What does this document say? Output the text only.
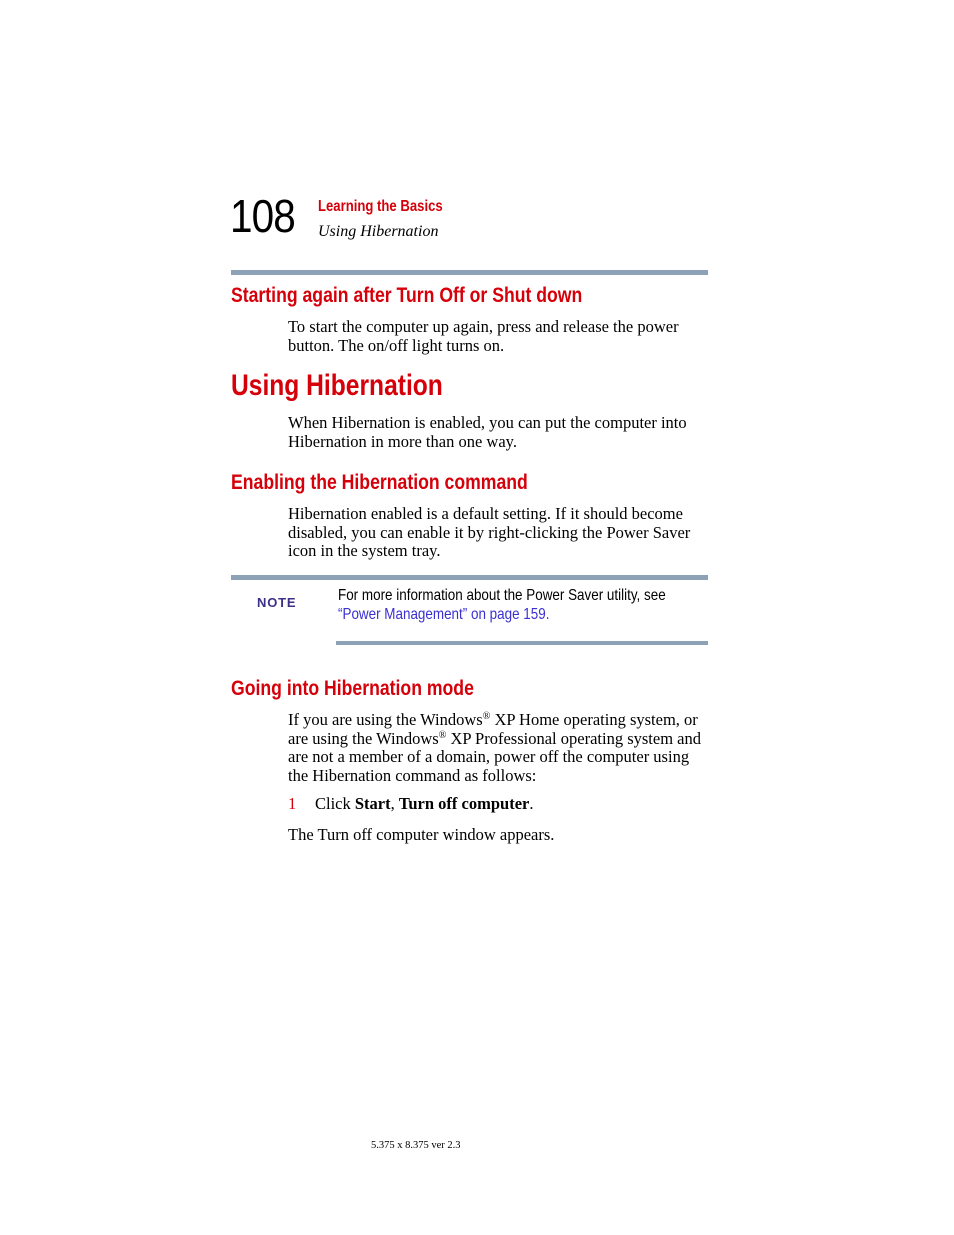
108 Learning the Basics
Using Hibernation
Starting again after Turn Off or Shut down
To start the computer up again, press and release the power button. The on/off light turns on.
Using Hibernation
When Hibernation is enabled, you can put the computer into Hibernation in more than one way.
Enabling the Hibernation command
Hibernation enabled is a default setting. If it should become disabled, you can enable it by right-clicking the Power Saver icon in the system tray.
NOTE	For more information about the Power Saver utility, see
“Power Management” on page 159.
Going into Hibernation mode
If you are using the Windows® XP Home operating system, or are using the Windows® XP Professional operating system and are not a member of a domain, power off the computer using the Hibernation command as follows:
1 Click Start, Turn off computer.
The Turn off computer window appears.
5.375 x 8.375 ver 2.3
